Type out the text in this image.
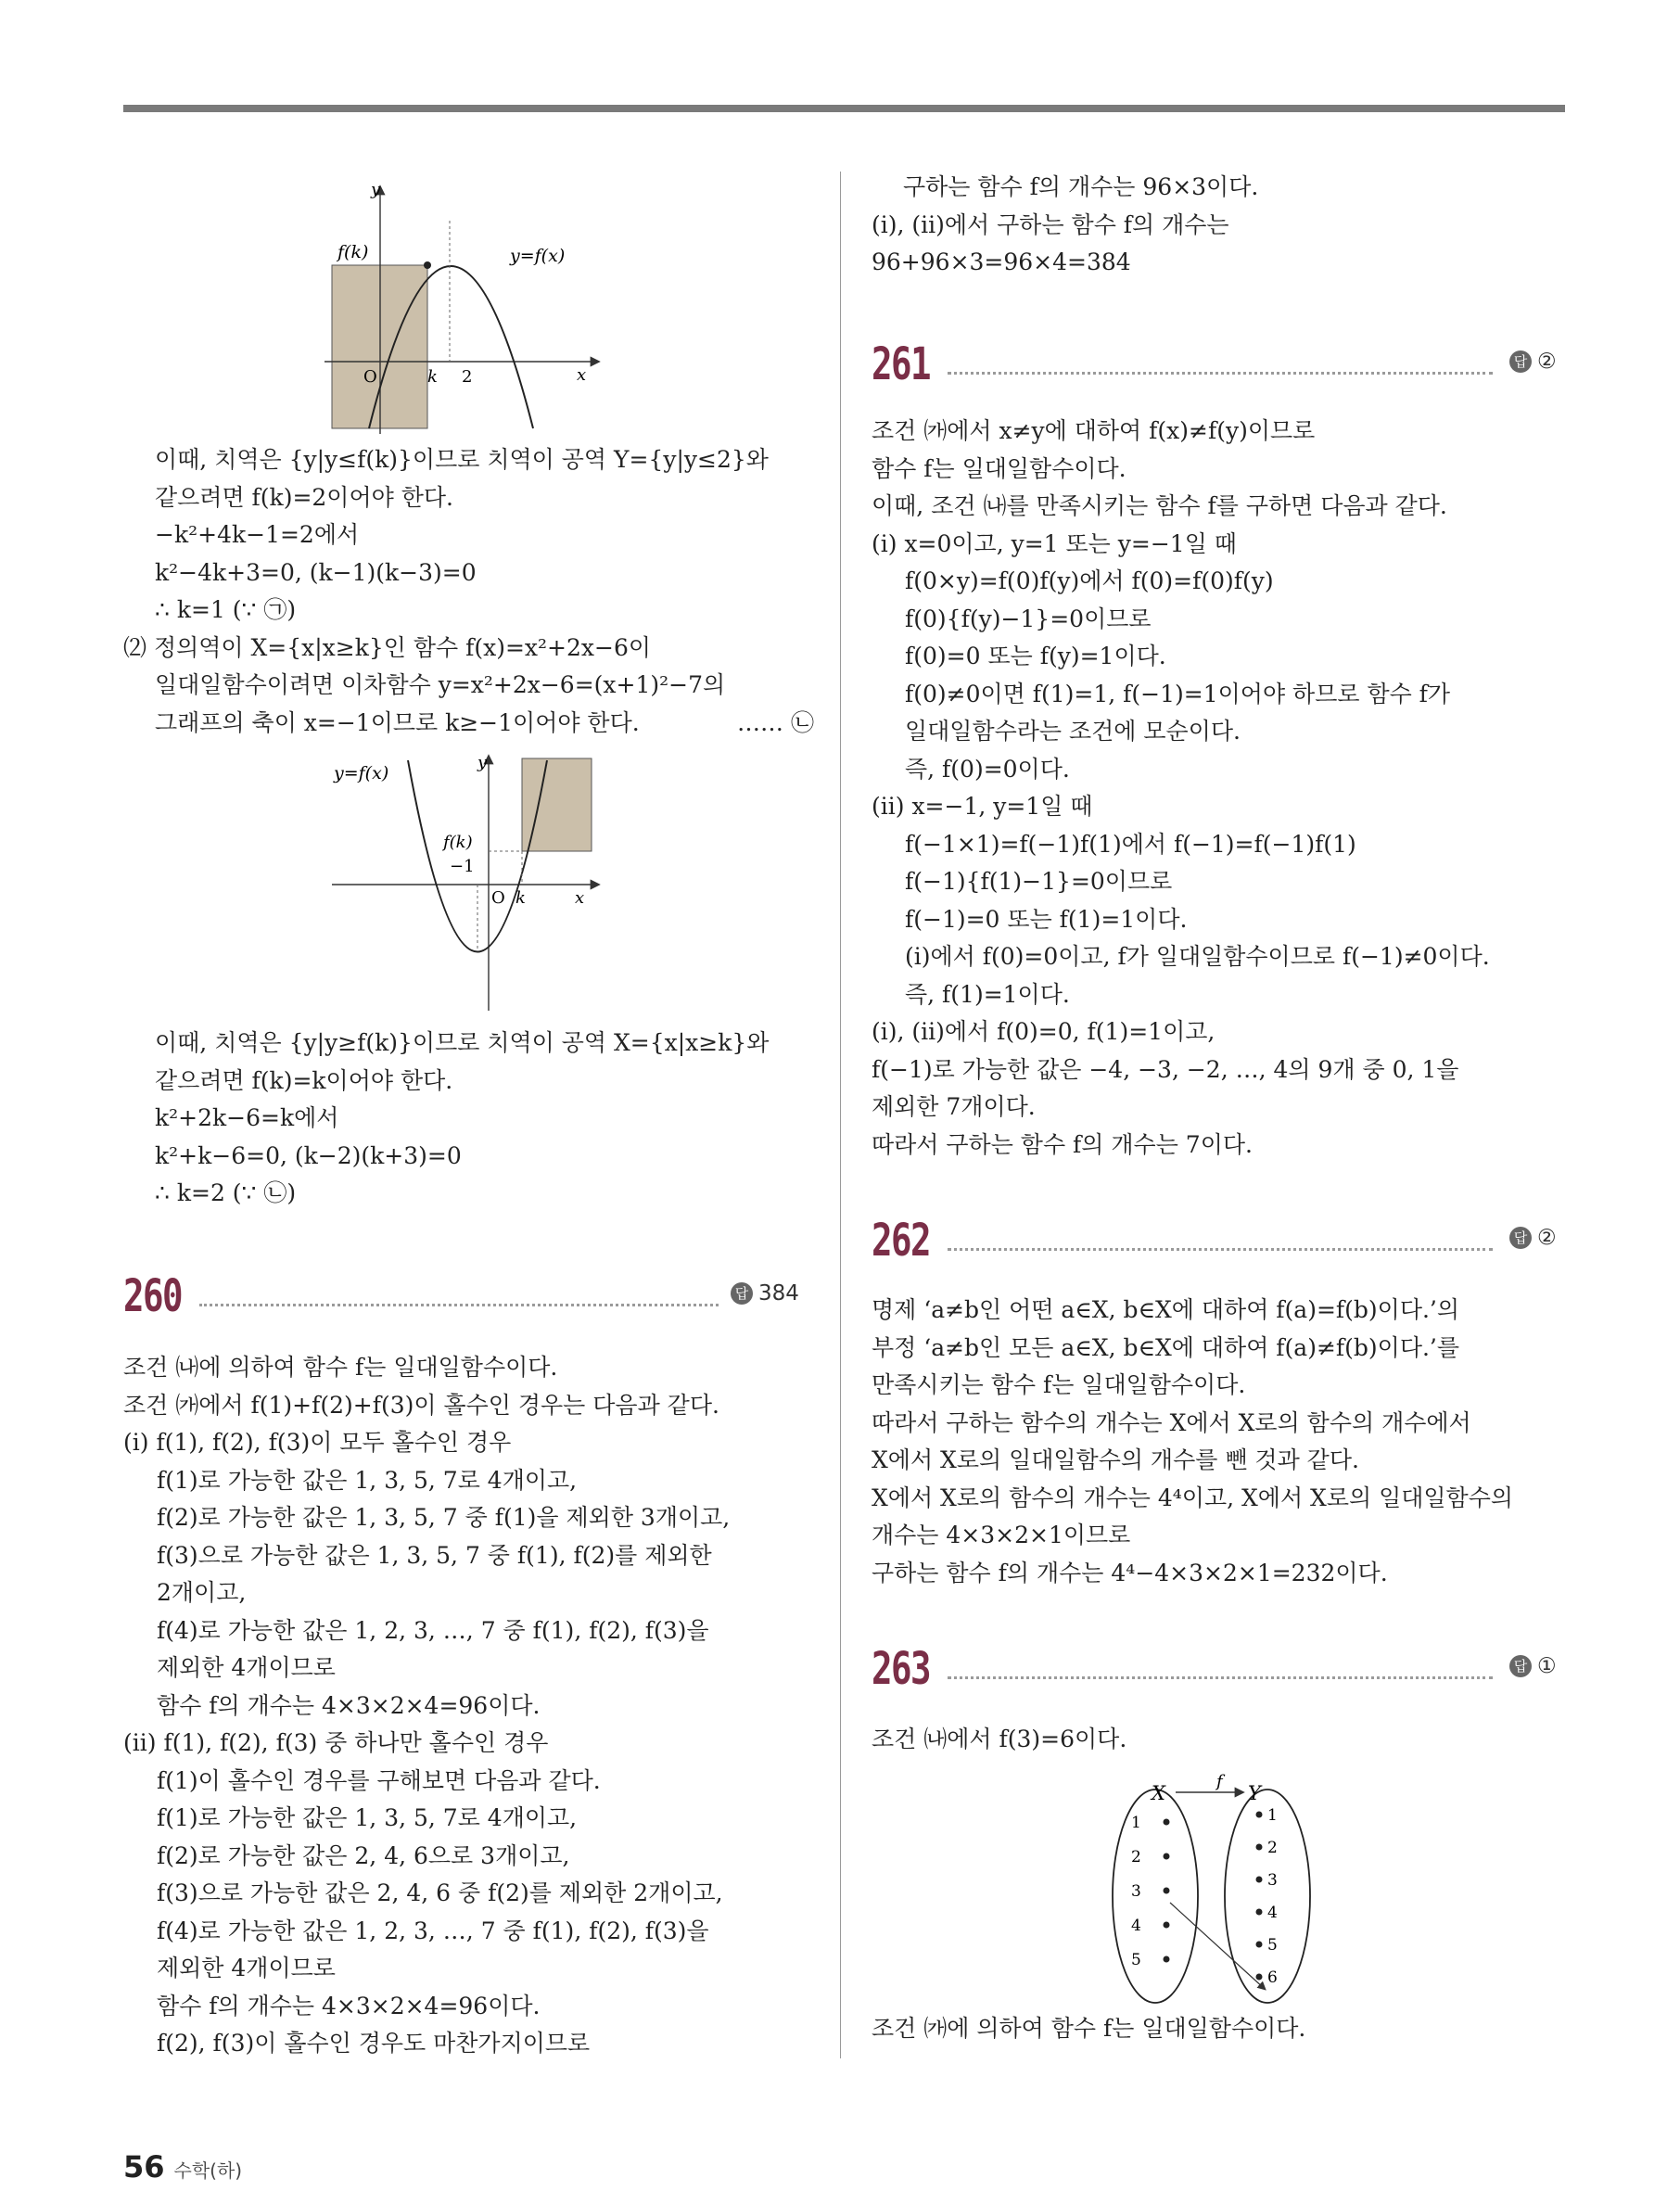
y
x
O
f(k)	y=f(x)
k 2

이때, 치역은 {y|y≤f(k)}이므로 치역이 공역 Y={y|y≤2}와

같으려면 f(k)=2이어야 한다.

−k²+4k−1=2에서

k²−4k+3=0, (k−1)(k−3)=0

∴ k=1 (∵ ㉠)

⑵ 정의역이 X={x|x≥k}인 함수 f(x)=x²+2x−6이

일대일함수이려면 이차함수 y=x²+2x−6=(x+1)²−7의

그래프의 축이 x=−1이므로 k≥−1이어야 한다.	…… ㉡

y
x
O
y=f(x)
f(k)
−1
k

이때, 치역은 {y|y≥f(k)}이므로 치역이 공역 X={x|x≥k}와

같으려면 f(k)=k이어야 한다.

k²+2k−6=k에서

k²+k−6=0, (k−2)(k+3)=0

∴ k=2 (∵ ㉡)

260	답 384

조건 ㈏에 의하여 함수 f는 일대일함수이다.

조건 ㈎에서 f(1)+f(2)+f(3)이 홀수인 경우는 다음과 같다.

(ⅰ) f(1), f(2), f(3)이 모두 홀수인 경우

f(1)로 가능한 값은 1, 3, 5, 7로 4개이고,

f(2)로 가능한 값은 1, 3, 5, 7 중 f(1)을 제외한 3개이고,

f(3)으로 가능한 값은 1, 3, 5, 7 중 f(1), f(2)를 제외한

2개이고,

f(4)로 가능한 값은 1, 2, 3, …, 7 중 f(1), f(2), f(3)을

제외한 4개이므로

함수 f의 개수는 4×3×2×4=96이다.

(ⅱ) f(1), f(2), f(3) 중 하나만 홀수인 경우

f(1)이 홀수인 경우를 구해보면 다음과 같다.

f(1)로 가능한 값은 1, 3, 5, 7로 4개이고,

f(2)로 가능한 값은 2, 4, 6으로 3개이고,

f(3)으로 가능한 값은 2, 4, 6 중 f(2)를 제외한 2개이고,

f(4)로 가능한 값은 1, 2, 3, …, 7 중 f(1), f(2), f(3)을

제외한 4개이므로

함수 f의 개수는 4×3×2×4=96이다.

f(2), f(3)이 홀수인 경우도 마찬가지이므로

구하는 함수 f의 개수는 96×3이다.

(ⅰ), (ⅱ)에서 구하는 함수 f의 개수는

96+96×3=96×4=384

261	답 ②

조건 ㈎에서 x≠y에 대하여 f(x)≠f(y)이므로

함수 f는 일대일함수이다.

이때, 조건 ㈏를 만족시키는 함수 f를 구하면 다음과 같다.

(ⅰ) x=0이고, y=1 또는 y=−1일 때

f(0×y)=f(0)f(y)에서 f(0)=f(0)f(y)

f(0){f(y)−1}=0이므로

f(0)=0 또는 f(y)=1이다.

f(0)≠0이면 f(1)=1, f(−1)=1이어야 하므로 함수 f가

일대일함수라는 조건에 모순이다.

즉, f(0)=0이다.

(ⅱ) x=−1, y=1일 때

f(−1×1)=f(−1)f(1)에서 f(−1)=f(−1)f(1)

f(−1){f(1)−1}=0이므로

f(−1)=0 또는 f(1)=1이다.

(ⅰ)에서 f(0)=0이고, f가 일대일함수이므로 f(−1)≠0이다.

즉, f(1)=1이다.

(ⅰ), (ⅱ)에서 f(0)=0, f(1)=1이고,

f(−1)로 가능한 값은 −4, −3, −2, …, 4의 9개 중 0, 1을

제외한 7개이다.

따라서 구하는 함수 f의 개수는 7이다.

262	답 ②

명제 ‘a≠b인 어떤 a∈X, b∈X에 대하여 f(a)=f(b)이다.’의

부정 ‘a≠b인 모든 a∈X, b∈X에 대하여 f(a)≠f(b)이다.’를

만족시키는 함수 f는 일대일함수이다.

따라서 구하는 함수의 개수는 X에서 X로의 함수의 개수에서

X에서 X로의 일대일함수의 개수를 뺀 것과 같다.

X에서 X로의 함수의 개수는 4⁴이고, X에서 X로의 일대일함수의

개수는 4×3×2×1이므로

구하는 함수 f의 개수는 4⁴−4×3×2×1=232이다.

263	답 ①

조건 ㈏에서 f(3)=6이다.

f
X	Y
1
2
3
4
5
1
2
3
4
5
6

조건 ㈎에 의하여 함수 f는 일대일함수이다.

56 수학(하)
